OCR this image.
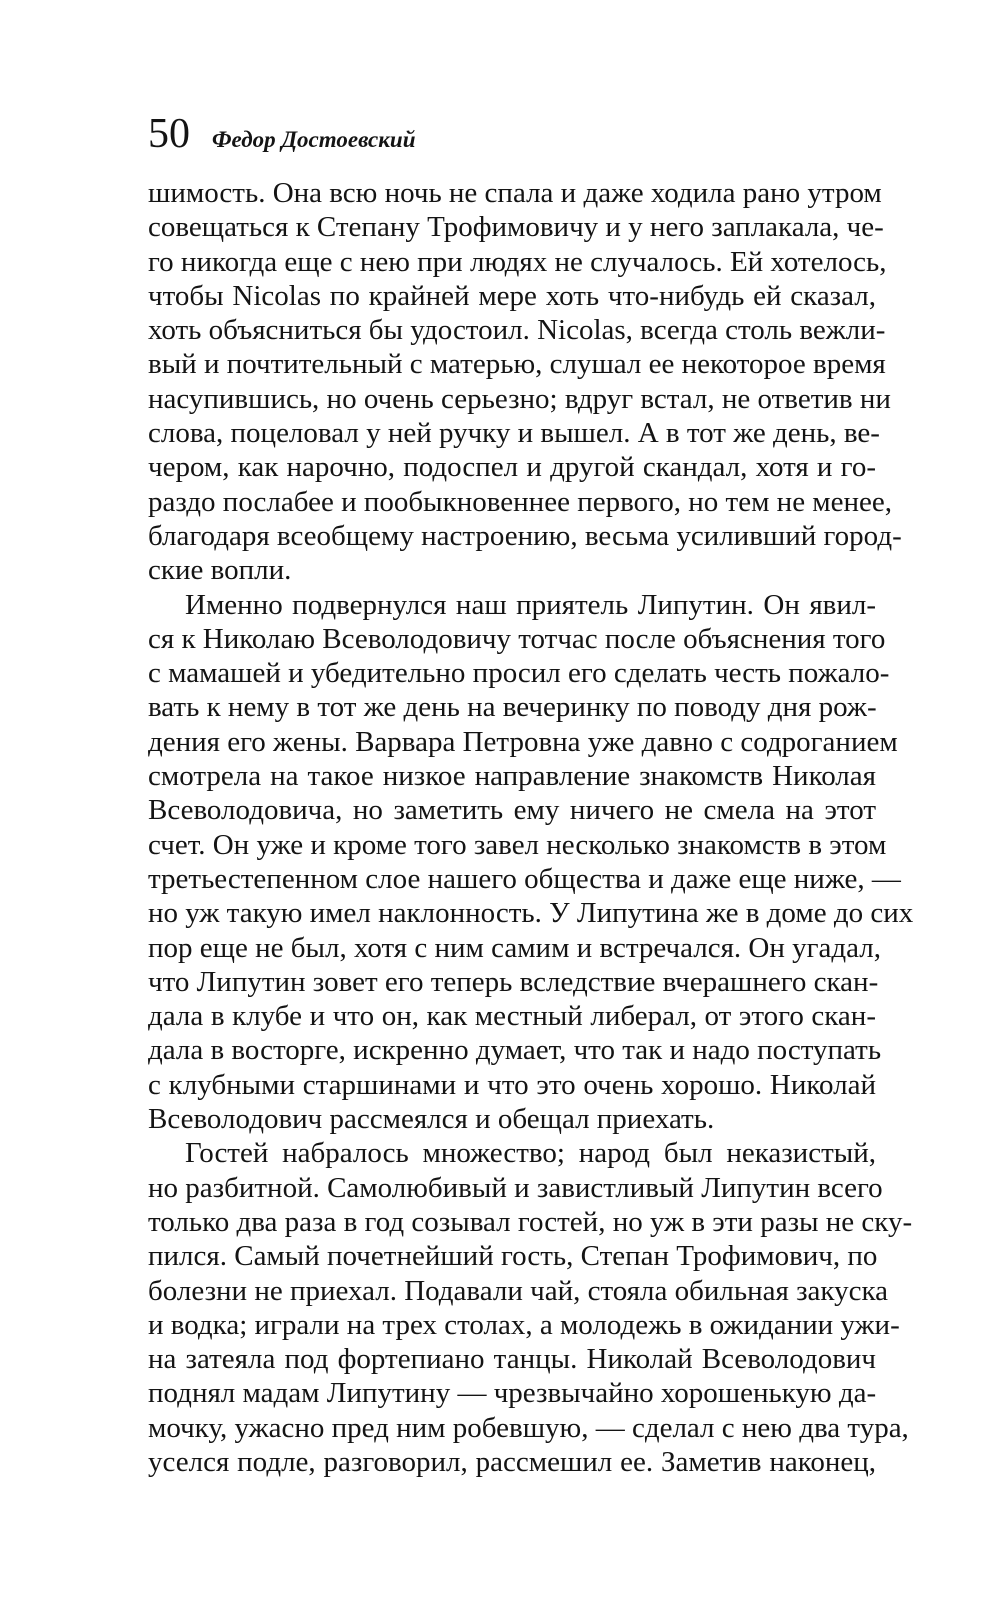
50 Федор Достоевский
шимость. Она всю ночь не спала и даже ходила рано утром
совещаться к Степану Трофимовичу и у него заплакала, че-
го никогда еще с нею при людях не случалось. Ей хотелось,
чтобы Nicolas по крайней мере хоть что-нибудь ей сказал,
хоть объясниться бы удостоил. Nicolas, всегда столь вежли-
вый и почтительный с матерью, слушал ее некоторое время
насупившись, но очень серьезно; вдруг встал, не ответив ни
слова, поцеловал у ней ручку и вышел. А в тот же день, ве-
чером, как нарочно, подоспел и другой скандал, хотя и го-
раздо послабее и пообыкновеннее первого, но тем не менее,
благодаря всеобщему настроению, весьма усиливший город-
ские вопли.
Именно подвернулся наш приятель Липутин. Он явил-
ся к Николаю Всеволодовичу тотчас после объяснения того
с мамашей и убедительно просил его сделать честь пожало-
вать к нему в тот же день на вечеринку по поводу дня рож-
дения его жены. Варвара Петровна уже давно с содроганием
смотрела на такое низкое направление знакомств Николая
Всеволодовича, но заметить ему ничего не смела на этот
счет. Он уже и кроме того завел несколько знакомств в этом
третьестепенном слое нашего общества и даже еще ниже, —
но уж такую имел наклонность. У Липутина же в доме до сих
пор еще не был, хотя с ним самим и встречался. Он угадал,
что Липутин зовет его теперь вследствие вчерашнего скан-
дала в клубе и что он, как местный либерал, от этого скан-
дала в восторге, искренно думает, что так и надо поступать
с клубными старшинами и что это очень хорошо. Николай
Всеволодович рассмеялся и обещал приехать.
Гостей набралось множество; народ был неказистый,
но разбитной. Самолюбивый и завистливый Липутин всего
только два раза в год созывал гостей, но уж в эти разы не ску-
пился. Самый почетнейший гость, Степан Трофимович, по
болезни не приехал. Подавали чай, стояла обильная закуска
и водка; играли на трех столах, а молодежь в ожидании ужи-
на затеяла под фортепиано танцы. Николай Всеволодович
поднял мадам Липутину — чрезвычайно хорошенькую да-
мочку, ужасно пред ним робевшую, — сделал с нею два тура,
уселся подле, разговорил, рассмешил ее. Заметив наконец,
